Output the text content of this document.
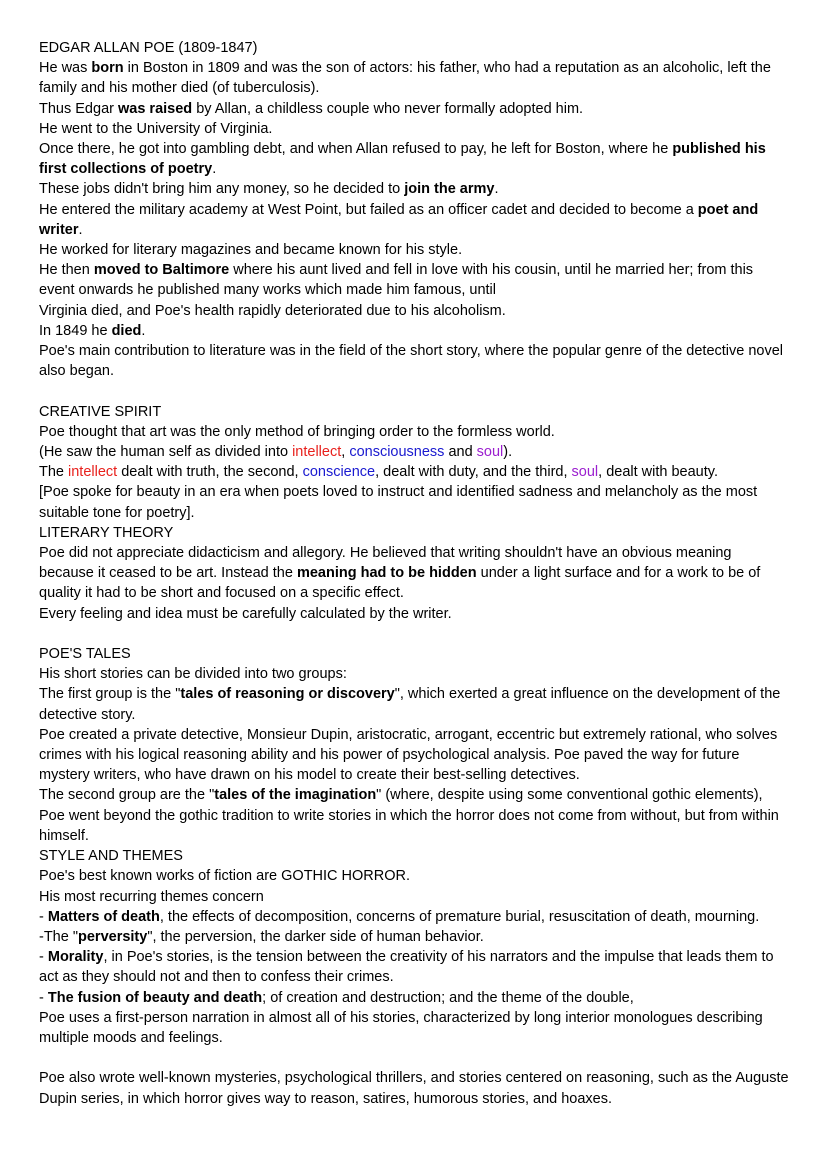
EDGAR ALLAN POE (1809-1847)

He was born in Boston in 1809 and was the son of actors: his father, who had a reputation as an alcoholic, left the family and his mother died (of tuberculosis).

Thus Edgar was raised by Allan, a childless couple who never formally adopted him.

He went to the University of Virginia.

Once there, he got into gambling debt, and when Allan refused to pay, he left for Boston, where he published his first collections of poetry.

These jobs didn't bring him any money, so he decided to join the army.

He entered the military academy at West Point, but failed as an officer cadet and decided to become a poet and writer.

He worked for literary magazines and became known for his style.

He then moved to Baltimore where his aunt lived and fell in love with his cousin, until he married her; from this event onwards he published many works which made him famous, until

Virginia died, and Poe's health rapidly deteriorated due to his alcoholism.

In 1849 he died.

Poe's main contribution to literature was in the field of the short story, where the popular genre of the detective novel also began.

CREATIVE SPIRIT

Poe thought that art was the only method of bringing order to the formless world.

(He saw the human self as divided into intellect, consciousness and soul).

The intellect dealt with truth, the second, conscience, dealt with duty, and the third, soul, dealt with beauty.

[Poe spoke for beauty in an era when poets loved to instruct and identified sadness and melancholy as the most suitable tone for poetry].

LITERARY THEORY

Poe did not appreciate didacticism and allegory. He believed that writing shouldn't have an obvious meaning because it ceased to be art. Instead the meaning had to be hidden under a light surface and for a work to be of quality it had to be short and focused on a specific effect.

Every feeling and idea must be carefully calculated by the writer.

POE'S TALES

His short stories can be divided into two groups:

The first group is the "tales of reasoning or discovery", which exerted a great influence on the development of the detective story.

Poe created a private detective, Monsieur Dupin, aristocratic, arrogant, eccentric but extremely rational, who solves crimes with his logical reasoning ability and his power of psychological analysis. Poe paved the way for future mystery writers, who have drawn on his model to create their best-selling detectives.

The second group are the "tales of the imagination" (where, despite using some conventional gothic elements), Poe went beyond the gothic tradition to write stories in which the horror does not come from without, but from within himself.

STYLE AND THEMES

Poe's best known works of fiction are GOTHIC HORROR.

His most recurring themes concern

- Matters of death, the effects of decomposition, concerns of premature burial, resuscitation of death, mourning.

-The "perversity", the perversion, the darker side of human behavior.

- Morality, in Poe's stories, is the tension between the creativity of his narrators and the impulse that leads them to act as they should not and then to confess their crimes.

- The fusion of beauty and death; of creation and destruction; and the theme of the double,

Poe uses a first-person narration in almost all of his stories, characterized by long interior monologues describing multiple moods and feelings.

Poe also wrote well-known mysteries, psychological thrillers, and stories centered on reasoning, such as the Auguste Dupin series, in which horror gives way to reason, satires, humorous stories, and hoaxes.
